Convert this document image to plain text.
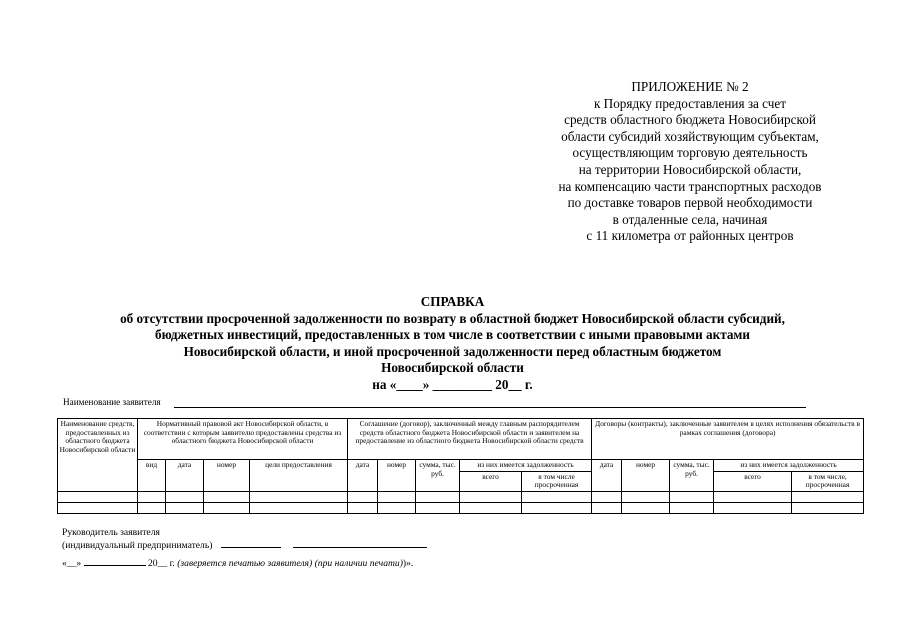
ПРИЛОЖЕНИЕ № 2
к Порядку предоставления за счет
средств областного бюджета Новосибирской
области субсидий хозяйствующим субъектам,
осуществляющим торговую деятельность
на территории Новосибирской области,
на компенсацию части транспортных расходов
по доставке товаров первой необходимости
в отдаленные села, начиная
с 11 километра от районных центров
СПРАВКА
об отсутствии просроченной задолженности по возврату в областной бюджет Новосибирской области субсидий,
бюджетных инвестиций, предоставленных в том числе в соответствии с иными правовыми актами
Новосибирской области, и иной просроченной задолженности перед областным бюджетом
Новосибирской области
на «____» _________ 20__ г.
Наименование заявителя
Наименование средств, предоставленных из областного бюджета Новосибирской области	Нормативный правовой акт Новосибирской области, в соответствии с которым заявителю предоставлены средства из областного бюджета Новосибирской области				Соглашение (договор), заключенный между главным распорядителем средств областного бюджета Новосибирской области и заявителем на предоставление из областного бюджета Новосибирской области средств					Договоры (контракты), заключенные заявителем в целях исполнения обязательств в рамках соглашения (договора)				
	вид	дата	номер	цели предоставления	дата	номер	сумма, тыс. руб.	из них имеется задолженность		дата	номер	сумма, тыс. руб.	из них имеется задолженность	
								всего	в том числе просроченная				всего	в том числе, просроченная

Руководитель заявителя
(индивидуальный предприниматель)
«__»	20__ г. (заверяется печатью заявителя) (при наличии печати))».
